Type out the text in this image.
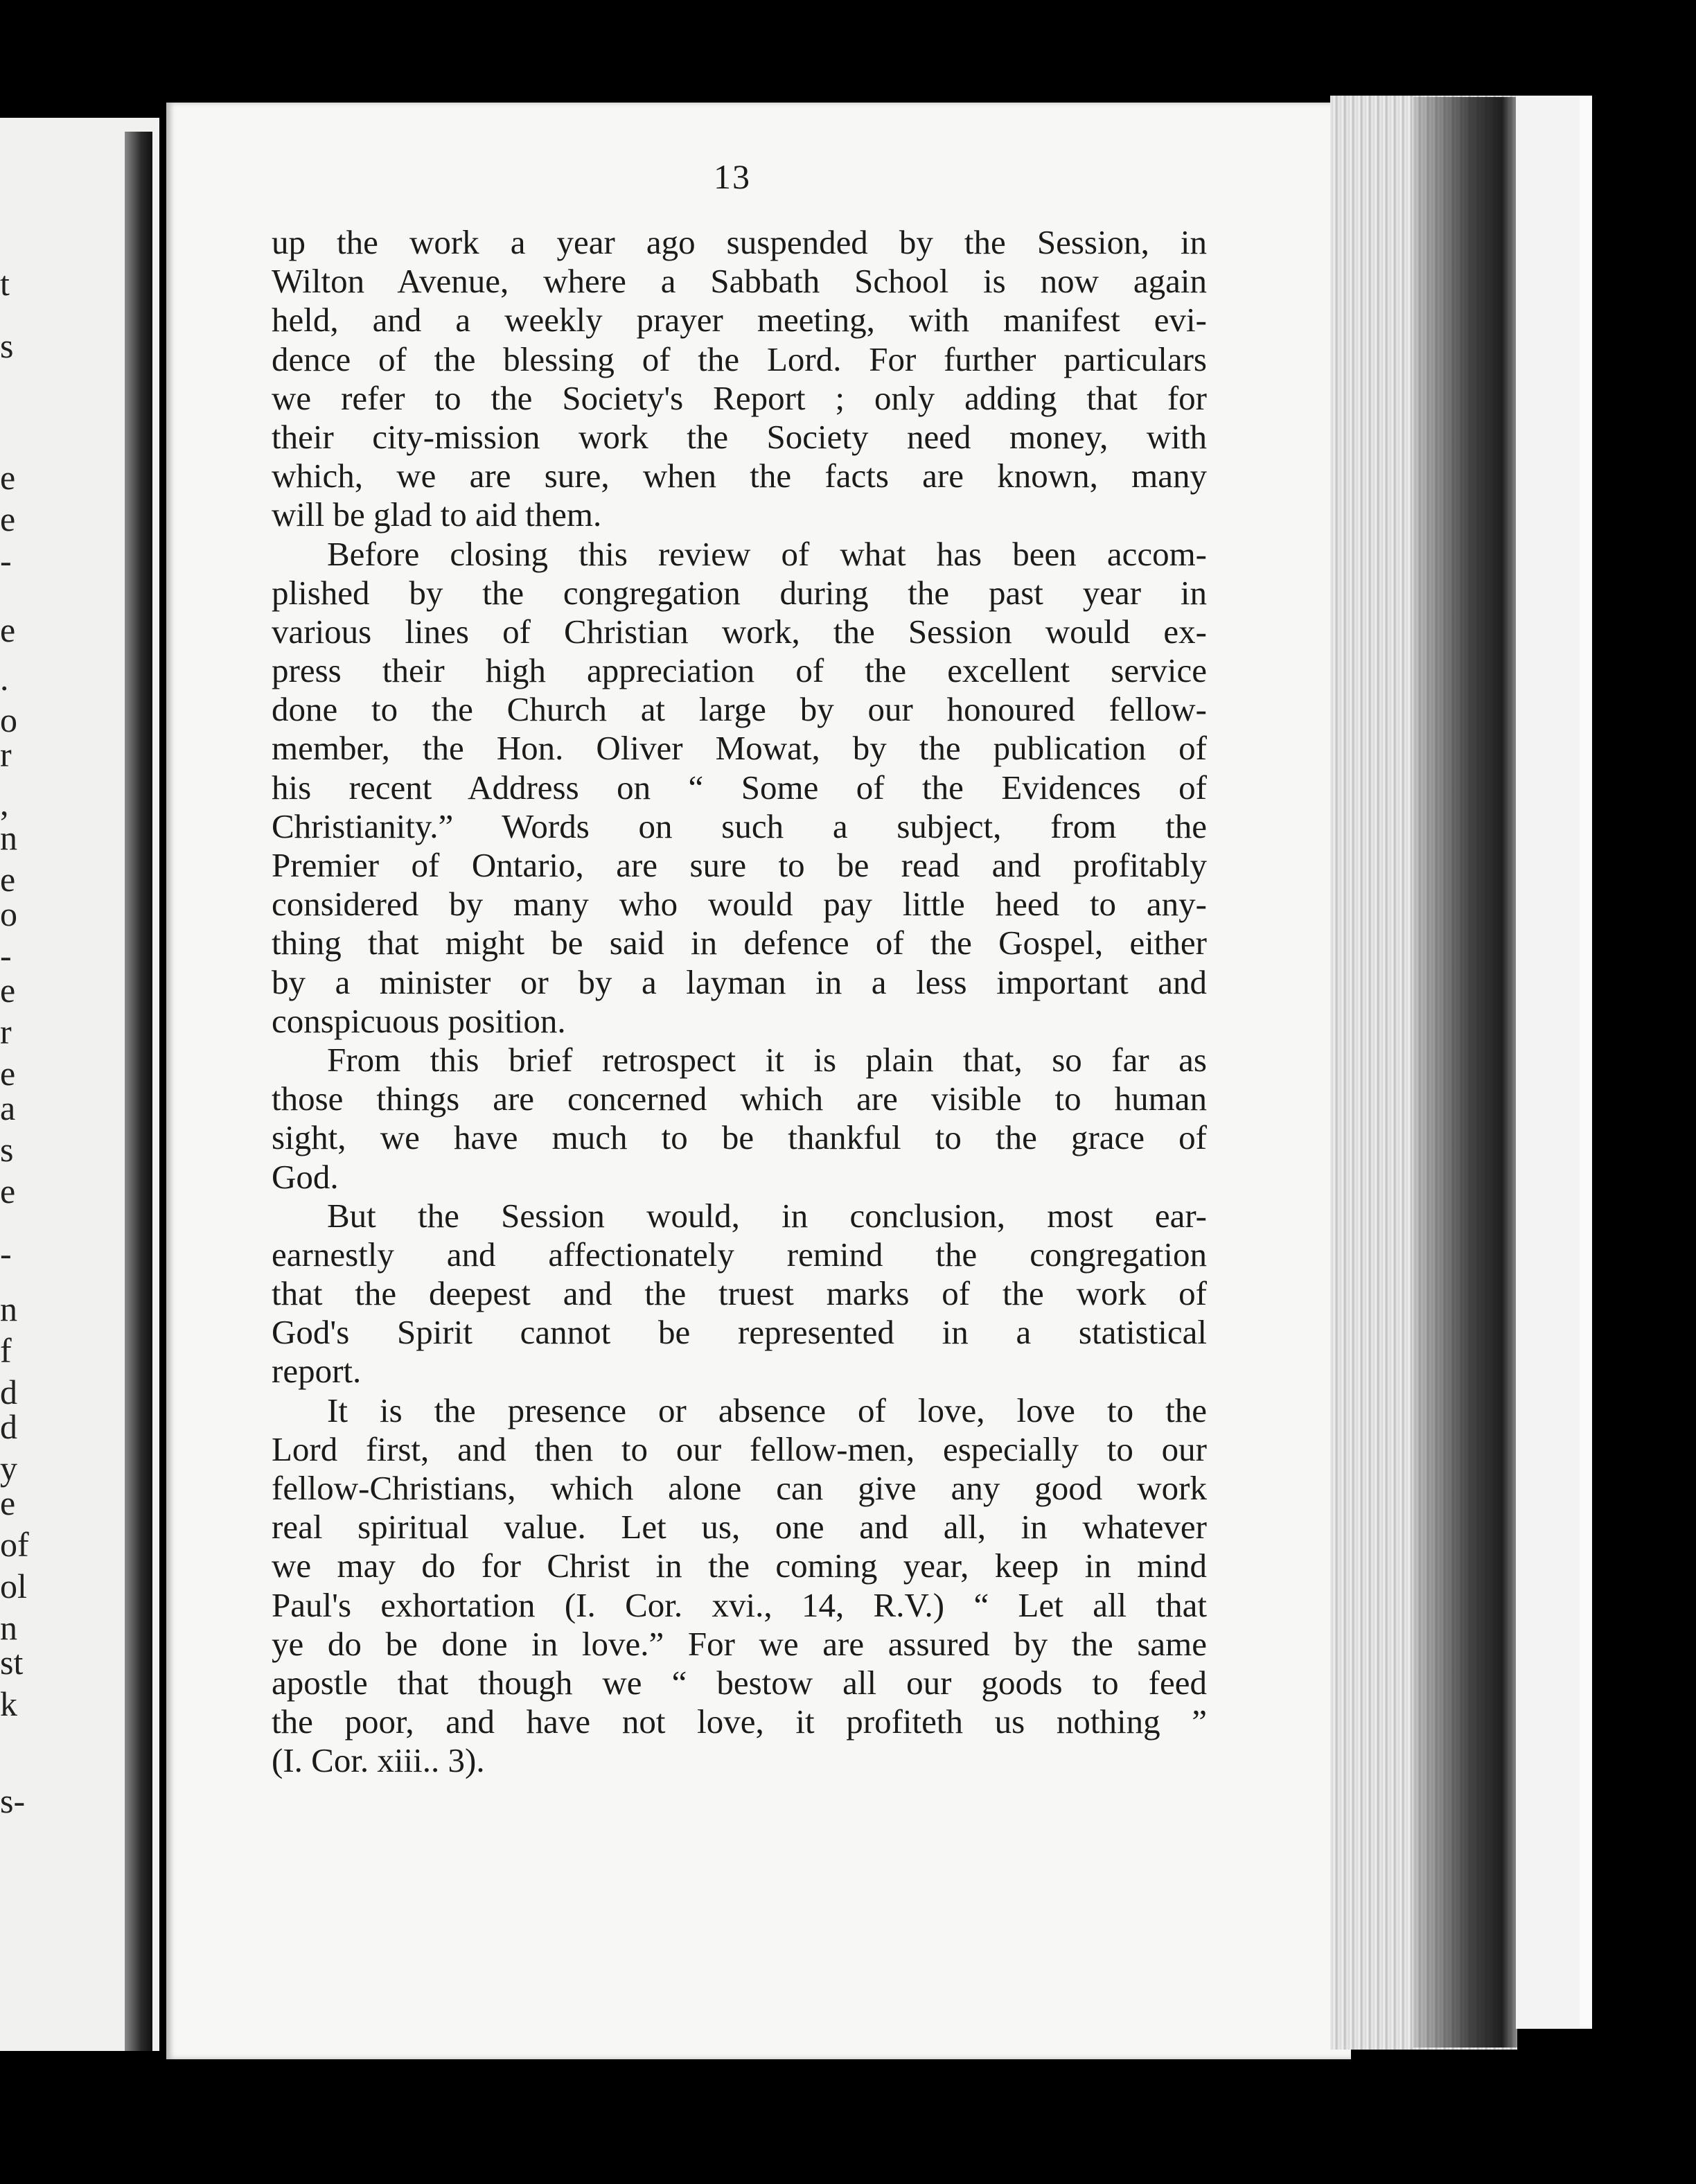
t
s
e
e
-
e
.
o
r
,
n
e
o
-
e
r
e
a
s
e
-
n
f
d
d
y
e
of
ol
n
st
k
s-
13
up the work a year ago suspended by the Session, in
Wilton Avenue, where a Sabbath School is now again
held, and a weekly prayer meeting, with manifest evi-
dence of the blessing of the Lord. For further particulars
we refer to the Society's Report ; only adding that for
their city-mission work the Society need money, with
which, we are sure, when the facts are known, many
will be glad to aid them.
Before closing this review of what has been accom-
plished by the congregation during the past year in
various lines of Christian work, the Session would ex-
press their high appreciation of the excellent service
done to the Church at large by our honoured fellow-
member, the Hon. Oliver Mowat, by the publication of
his recent Address on “ Some of the Evidences of
Christianity.” Words on such a subject, from the
Premier of Ontario, are sure to be read and profitably
considered by many who would pay little heed to any-
thing that might be said in defence of the Gospel, either
by a minister or by a layman in a less important and
conspicuous position.
From this brief retrospect it is plain that, so far as
those things are concerned which are visible to human
sight, we have much to be thankful to the grace of
God.
But the Session would, in conclusion, most ear-
earnestly and affectionately remind the congregation
that the deepest and the truest marks of the work of
God's Spirit cannot be represented in a statistical
report.
It is the presence or absence of love, love to the
Lord first, and then to our fellow-men, especially to our
fellow-Christians, which alone can give any good work
real spiritual value. Let us, one and all, in whatever
we may do for Christ in the coming year, keep in mind
Paul's exhortation (I. Cor. xvi., 14, R.V.) “ Let all that
ye do be done in love.” For we are assured by the same
apostle that though we “ bestow all our goods to feed
the poor, and have not love, it profiteth us nothing ”
(I. Cor. xiii.. 3).
